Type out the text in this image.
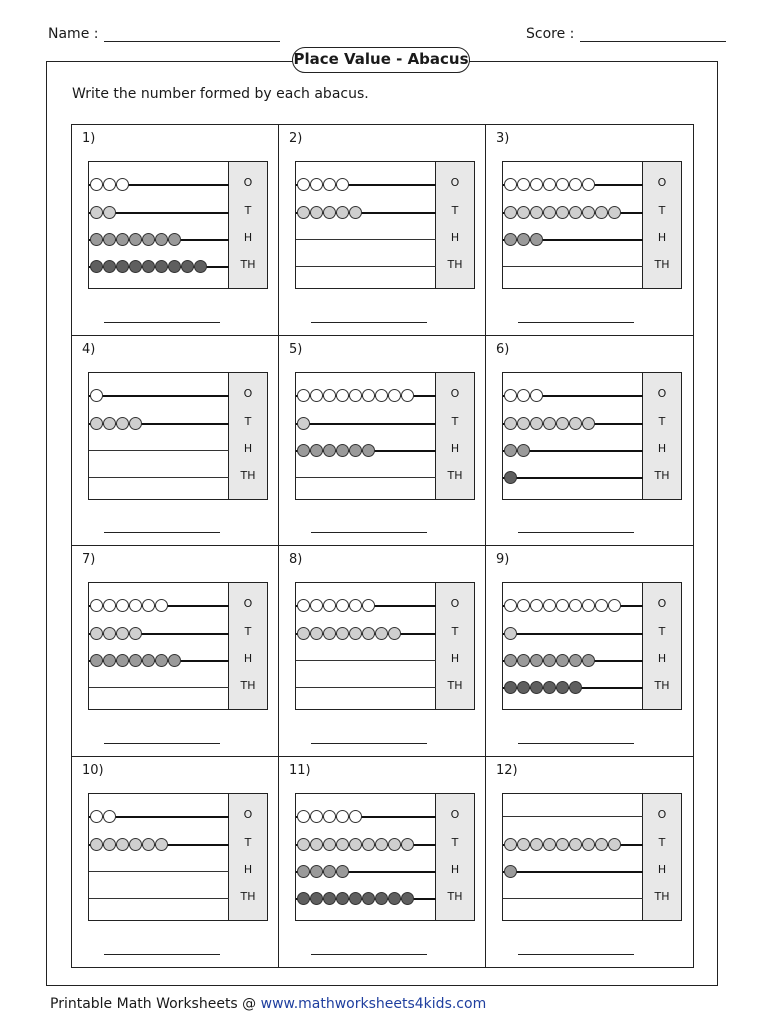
Name :	Score :
Place Value - Abacus
Write the number formed by each abacus.
1)
O
T
H
TH
2)
O
T
H
TH
3)
O
T
H
TH
4)
O
T
H
TH
5)
O
T
H
TH
6)
O
T
H
TH
7)
O
T
H
TH
8)
O
T
H
TH
9)
O
T
H
TH
10)
O
T
H
TH
11)
O
T
H
TH
12)
O
T
H
TH
Printable Math Worksheets @ www.mathworksheets4kids.com
